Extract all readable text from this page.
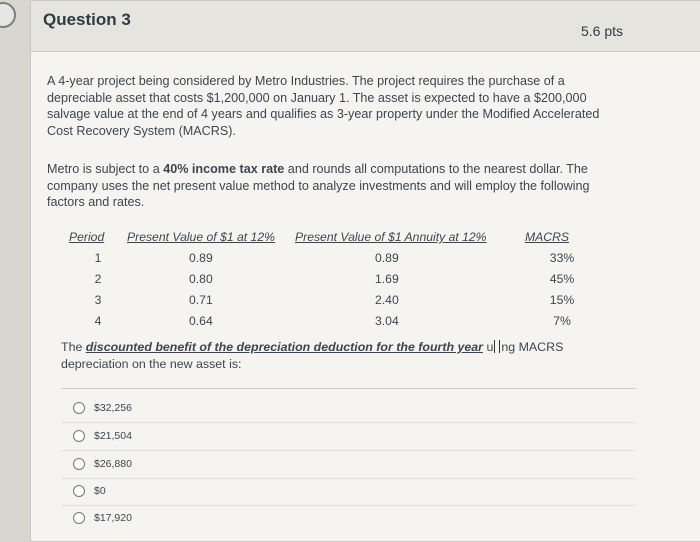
Question 3
5.6 pts
A 4-year project being considered by Metro Industries. The project requires the purchase of a depreciable asset that costs $1,200,000 on January 1. The asset is expected to have a $200,000 salvage value at the end of 4 years and qualifies as 3-year property under the Modified Accelerated Cost Recovery System (MACRS).
Metro is subject to a 40% income tax rate and rounds all computations to the nearest dollar. The company uses the net present value method to analyze investments and will employ the following factors and rates.
Period	Present Value of $1 at 12%	Present Value of $1 Annuity at 12%	MACRS
1	0.89	0.89	33%
2	0.80	1.69	45%
3	0.71	2.40	15%
4	0.64	3.04	7%
The discounted benefit of the depreciation deduction for the fourth year u ng MACRS depreciation on the new asset is:
$32,256
$21,504
$26,880
$0
$17,920
